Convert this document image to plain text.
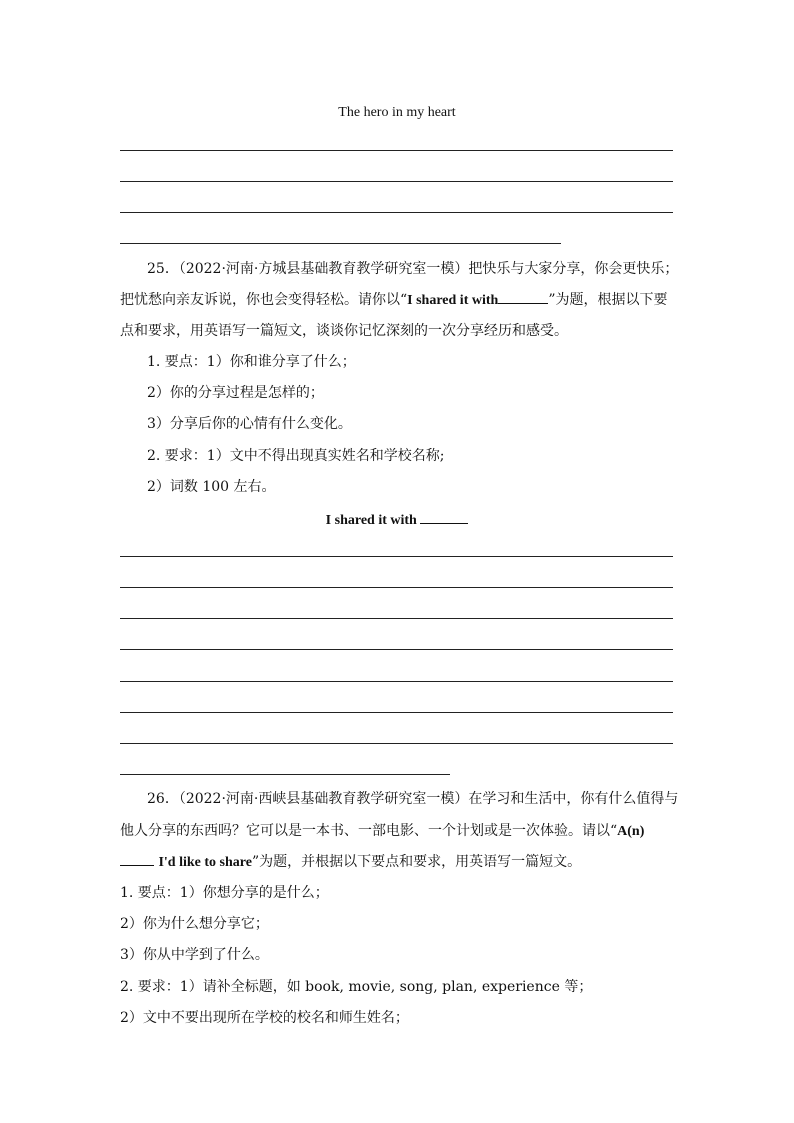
The hero in my heart
25．（2022·河南·方城县基础教育教学研究室一模）把快乐与大家分享，你会更快乐；
把忧愁向亲友诉说，你也会变得轻松。请你以“I shared it with	”为题，根据以下要
点和要求，用英语写一篇短文，谈谈你记忆深刻的一次分享经历和感受。
1. 要点：1）你和谁分享了什么；
2）你的分享过程是怎样的；
3）分享后你的心情有什么变化。
2. 要求：1）文中不得出现真实姓名和学校名称;
2）词数 100 左右。
I shared it with
26．（2022·河南·西峡县基础教育教学研究室一模）在学习和生活中，你有什么值得与
他人分享的东西吗？它可以是一本书、一部电影、一个计划或是一次体验。请以“A(n)
I'd like to share”为题，并根据以下要点和要求，用英语写一篇短文。
1. 要点：1）你想分享的是什么；
2）你为什么想分享它；
3）你从中学到了什么。
2. 要求：1）请补全标题，如 book, movie, song, plan, experience 等；
2）文中不要出现所在学校的校名和师生姓名；
